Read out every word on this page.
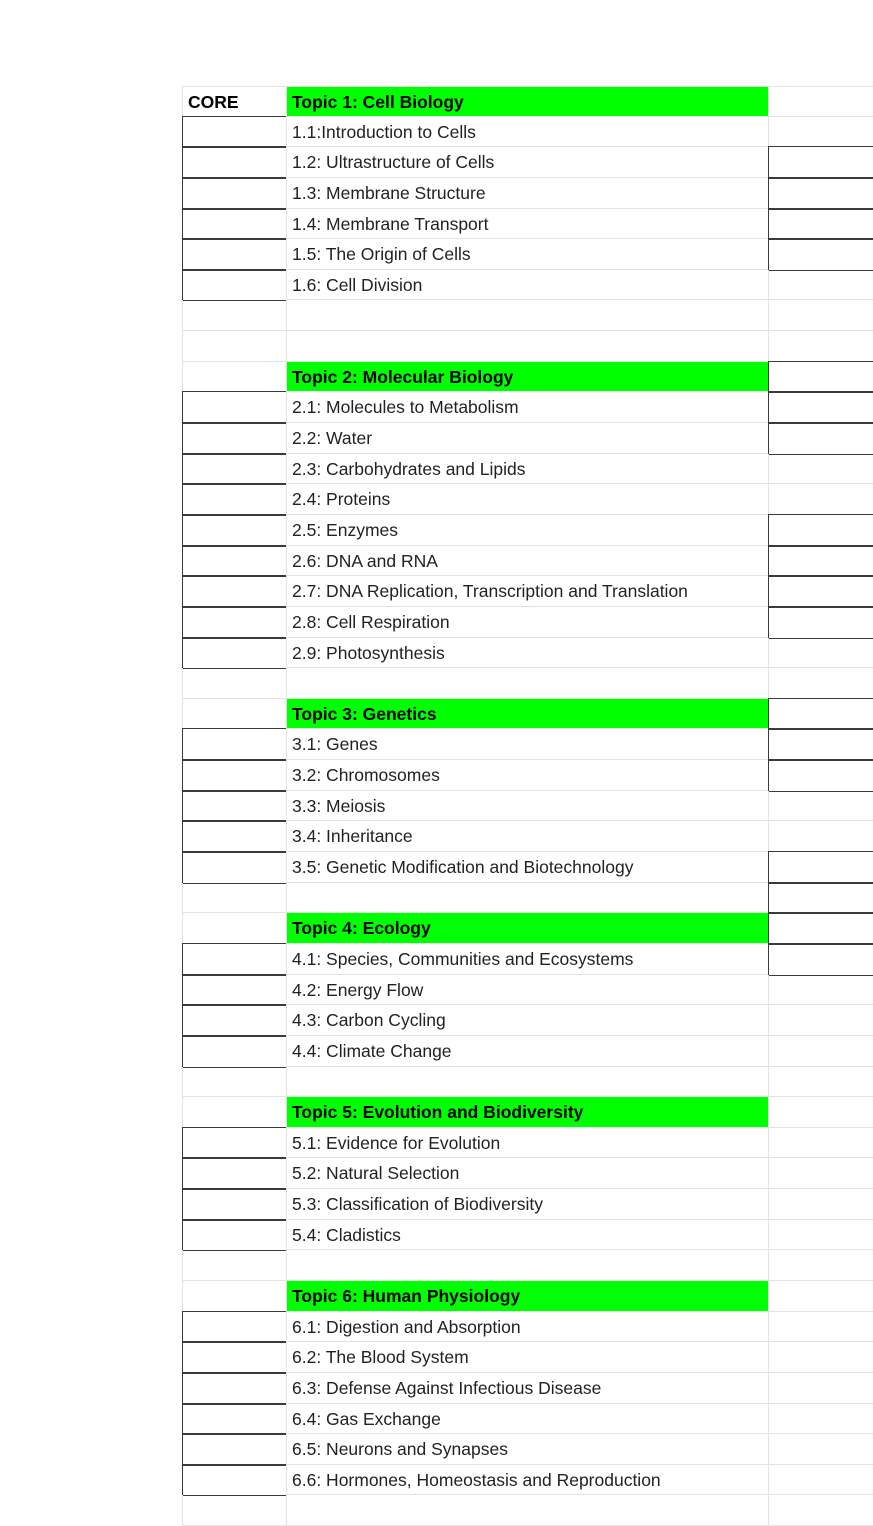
CORE	Topic 1: Cell Biology
1.1:Introduction to Cells
1.2: Ultrastructure of Cells
1.3: Membrane Structure
1.4: Membrane Transport
1.5: The Origin of Cells
1.6: Cell Division
Topic 2: Molecular Biology
2.1: Molecules to Metabolism
2.2: Water
2.3: Carbohydrates and Lipids
2.4: Proteins
2.5: Enzymes
2.6: DNA and RNA
2.7: DNA Replication, Transcription and Translation
2.8: Cell Respiration
2.9: Photosynthesis
Topic 3: Genetics
3.1: Genes
3.2: Chromosomes
3.3: Meiosis
3.4: Inheritance
3.5: Genetic Modification and Biotechnology
Topic 4: Ecology
4.1: Species, Communities and Ecosystems
4.2: Energy Flow
4.3: Carbon Cycling
4.4: Climate Change
Topic 5: Evolution and Biodiversity
5.1: Evidence for Evolution
5.2: Natural Selection
5.3: Classification of Biodiversity
5.4: Cladistics
Topic 6: Human Physiology
6.1: Digestion and Absorption
6.2: The Blood System
6.3: Defense Against Infectious Disease
6.4: Gas Exchange
6.5: Neurons and Synapses
6.6: Hormones, Homeostasis and Reproduction
